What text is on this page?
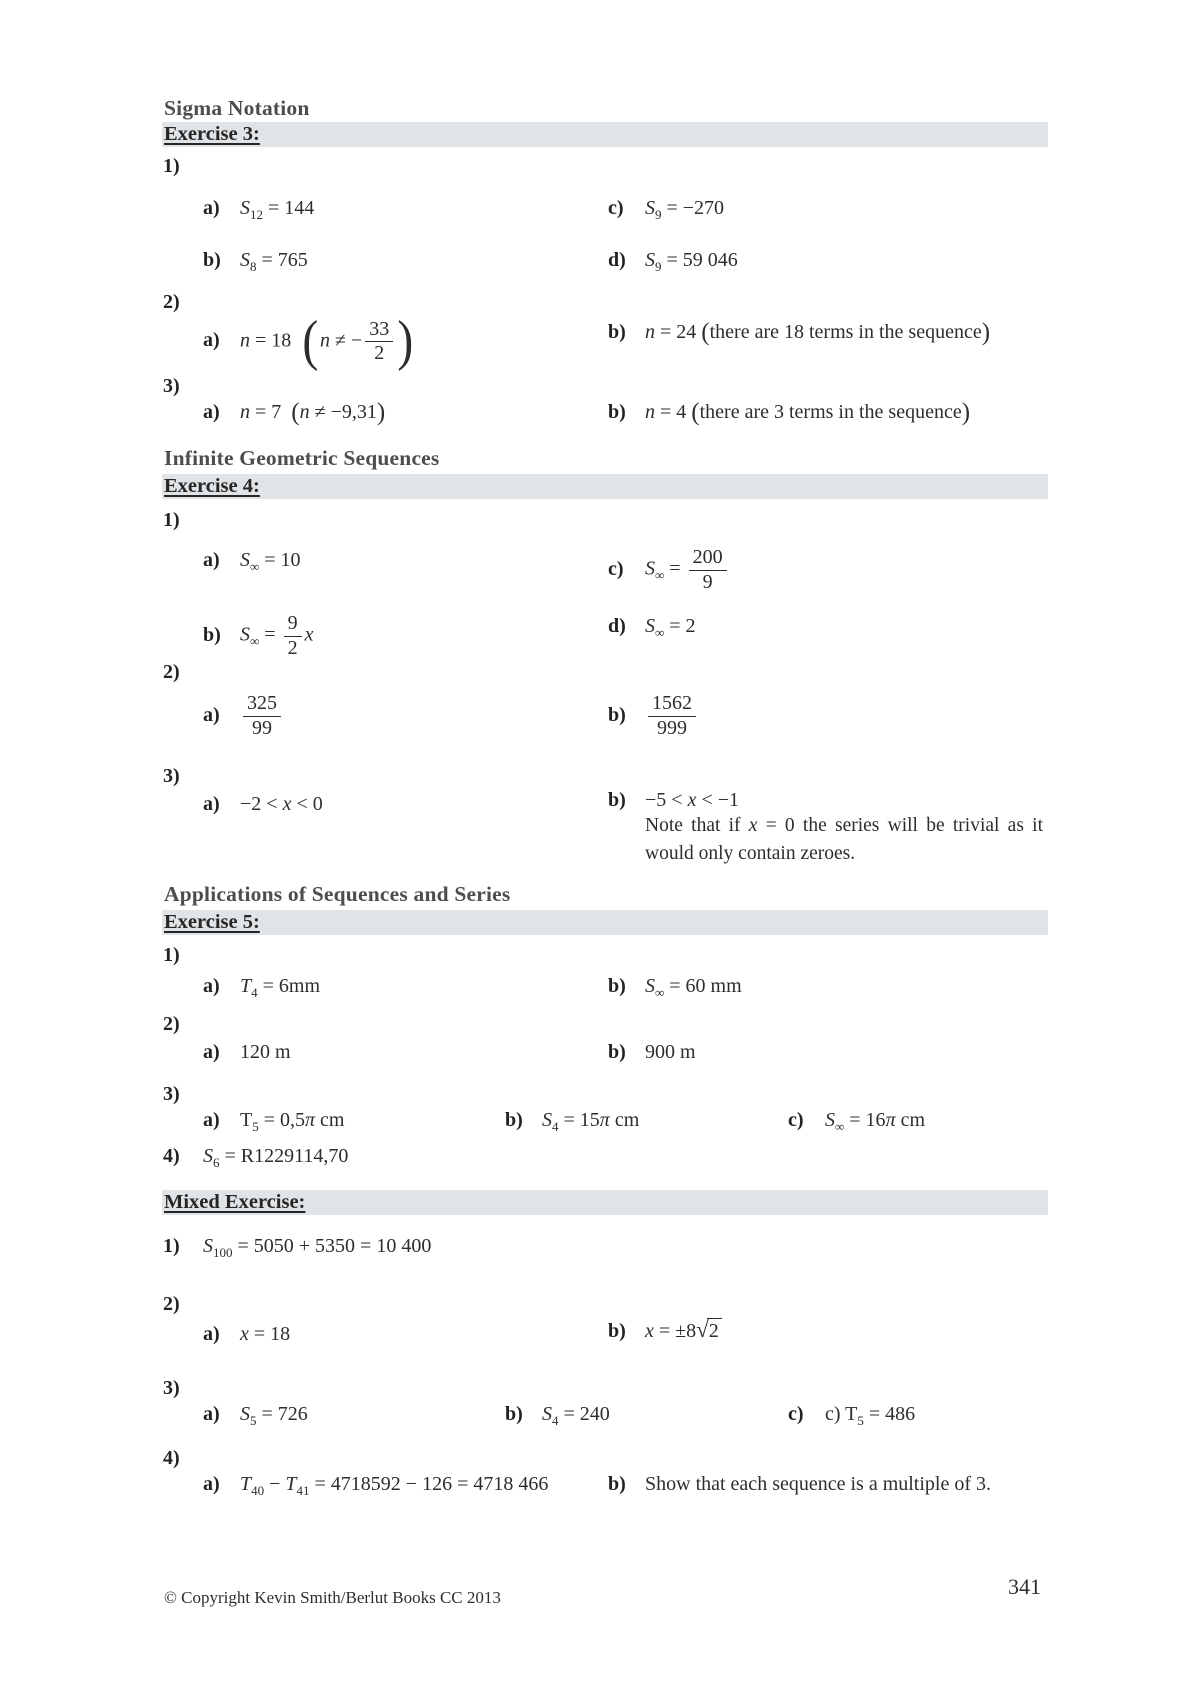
Sigma Notation
Exercise 3:
1)
a) $S_{12} = 144$	c) $S_9 = -270$
b) $S_8 = 765$	d) $S_9 = 59$ 046
2)
a) n = 18  (n ≠ − $\frac{33}{2}$ )	b) n = 24 (there are 18 terms in the sequence)
3)
a) n = 7  (n ≠ −9,31)	b) n = 4 (there are 3 terms in the sequence)
Infinite Geometric Sequences
Exercise 4:
1)
a) $S_\infty = 10$	c) $S_\infty = \frac{200}{9}$
b) $S_\infty = \frac{9}{2}$ x	d) $S_\infty = 2$
2)
$a) \frac{325}{99}$	$b) \frac{1562}{999}$
3)
a) −2 < x < 0	b) −5 < x < −1
Note that if x = 0 the series will be trivial as it
would only contain zeroes.
Applications of Sequences and Series
Exercise 5:
1)
a) $T_4 = 6mm$	b) $S_\infty = 60$ mm
2)
a) 120 m	b) 900 m
3)
a) $T_5 = 0,5\pi$ cm	b) $S_4 = 15\pi$ cm	c) $S_\infty = 16\pi$ cm
4) $S_6 = R1229114,70$
Mixed Exercise:
1) $S_{100} = 5050 + 5350 = 10$ 400
2)
a) x = 18	b) x = ±8√2
3)
a) $S_5 = 726$	b) $S_4 = 240$	c) c) $T_5 = 486$
4)
a) $T_{40} - T_{41} = 4718592 - 126 = 4718$ 466	b) Show that each sequence is a multiple of 3.
© Copyright Kevin Smith/Berlut Books CC 2013	341
